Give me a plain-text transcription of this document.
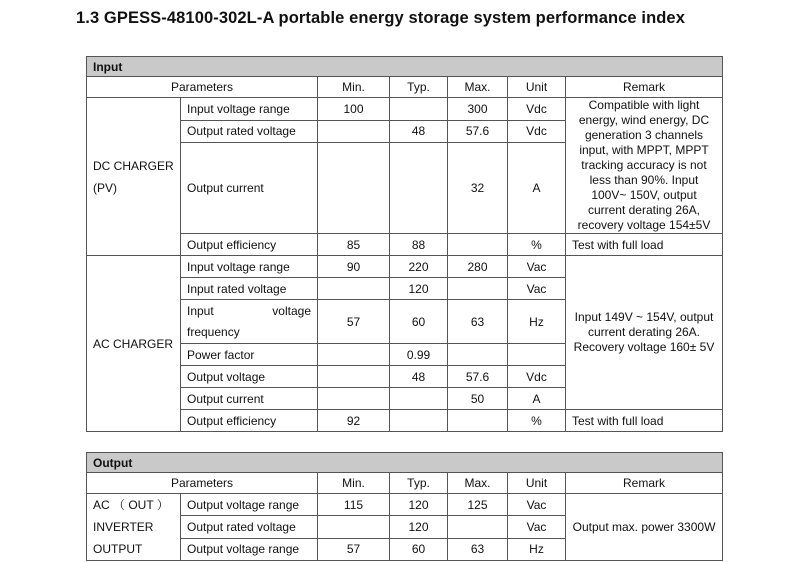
1.3 GPESS-48100-302L-A portable energy storage system performance index
Input						
Parameters		Min.	Typ.	Max.	Unit	Remark
DC CHARGER
(PV)	Input voltage range	100		300	Vdc	Compatible with light energy, wind energy, DC generation 3 channels input, with MPPT, MPPT tracking accuracy is not less than 90%. Input 100V~ 150V, output current derating 26A, recovery voltage 154±5V
	Output rated voltage		48	57.6	Vdc	
	Output current			32	A	
	Output efficiency	85	88		%	Test with full load
AC CHARGER	Input voltage range	90	220	280	Vac	Input 149V ~ 154V, output current derating 26A. Recovery voltage 160± 5V
	Input rated voltage		120		Vac	

	Input voltage
frequency	57	60	63	Hz	
	Power factor		0.99			
	Output voltage		48	57.6	Vdc	
	Output current			50	A	
	Output efficiency	92			%	Test with full load
Output						
Parameters		Min.	Typ.	Max.	Unit	Remark
AC （ OUT ）
INVERTER
OUTPUT	Output voltage range	115	120	125	Vac	Output max. power 3300W
	Output rated voltage		120		Vac	
	Output voltage range	57	60	63	Hz	
